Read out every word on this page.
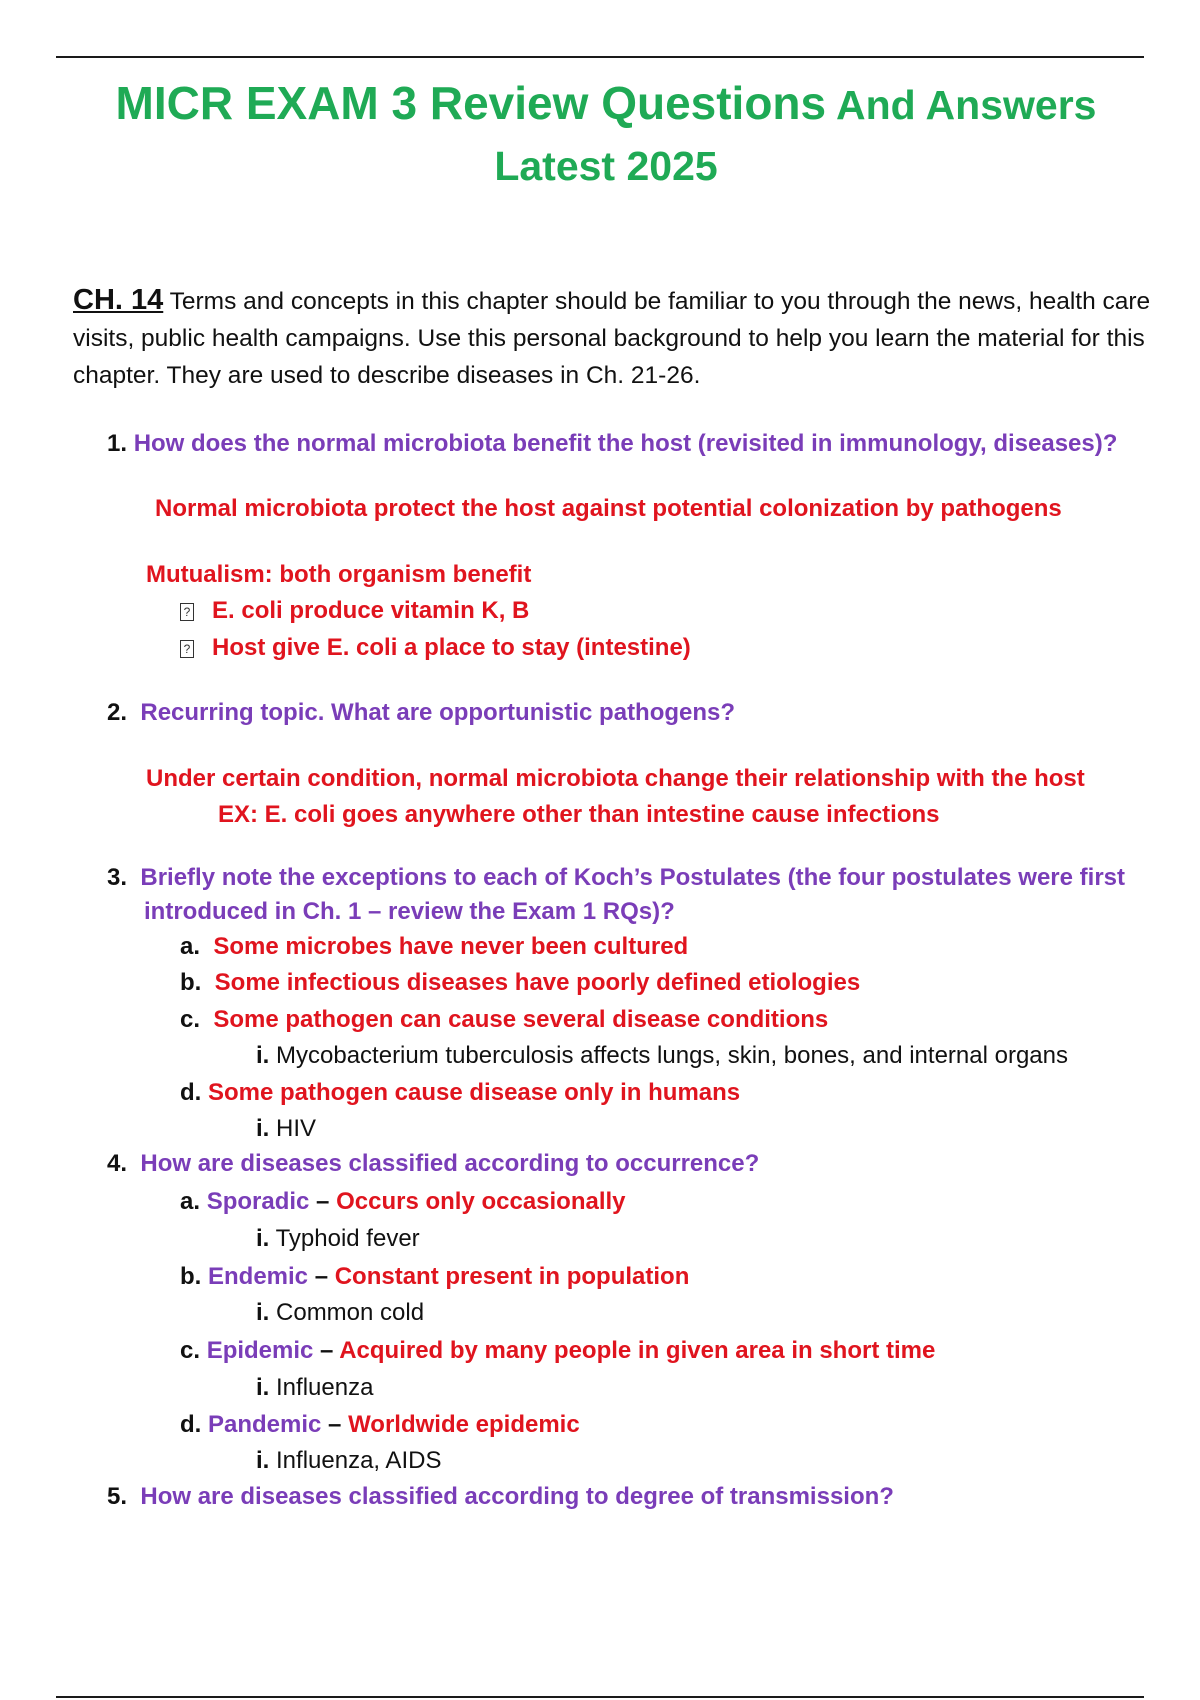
MICR EXAM 3 Review Questions And Answers
Latest 2025
CH. 14 Terms and concepts in this chapter should be familiar to you through the news, health care visits, public health campaigns. Use this personal background to help you learn the material for this chapter. They are used to describe diseases in Ch. 21-26.
1. How does the normal microbiota benefit the host (revisited in immunology, diseases)?
Normal microbiota protect the host against potential colonization by pathogens
Mutualism: both organism benefit
? E. coli produce vitamin K, B
? Host give E. coli a place to stay (intestine)
2. Recurring topic. What are opportunistic pathogens?
Under certain condition, normal microbiota change their relationship with the host
EX: E. coli goes anywhere other than intestine cause infections
3. Briefly note the exceptions to each of Koch’s Postulates (the four postulates were first
introduced in Ch. 1 – review the Exam 1 RQs)?
a. Some microbes have never been cultured
b. Some infectious diseases have poorly defined etiologies
c. Some pathogen can cause several disease conditions
i. Mycobacterium tuberculosis affects lungs, skin, bones, and internal organs
d. Some pathogen cause disease only in humans
i. HIV
4. How are diseases classified according to occurrence?
a. Sporadic – Occurs only occasionally
i. Typhoid fever
b. Endemic – Constant present in population
i. Common cold
c. Epidemic – Acquired by many people in given area in short time
i. Influenza
d. Pandemic – Worldwide epidemic
i. Influenza, AIDS
5. How are diseases classified according to degree of transmission?
